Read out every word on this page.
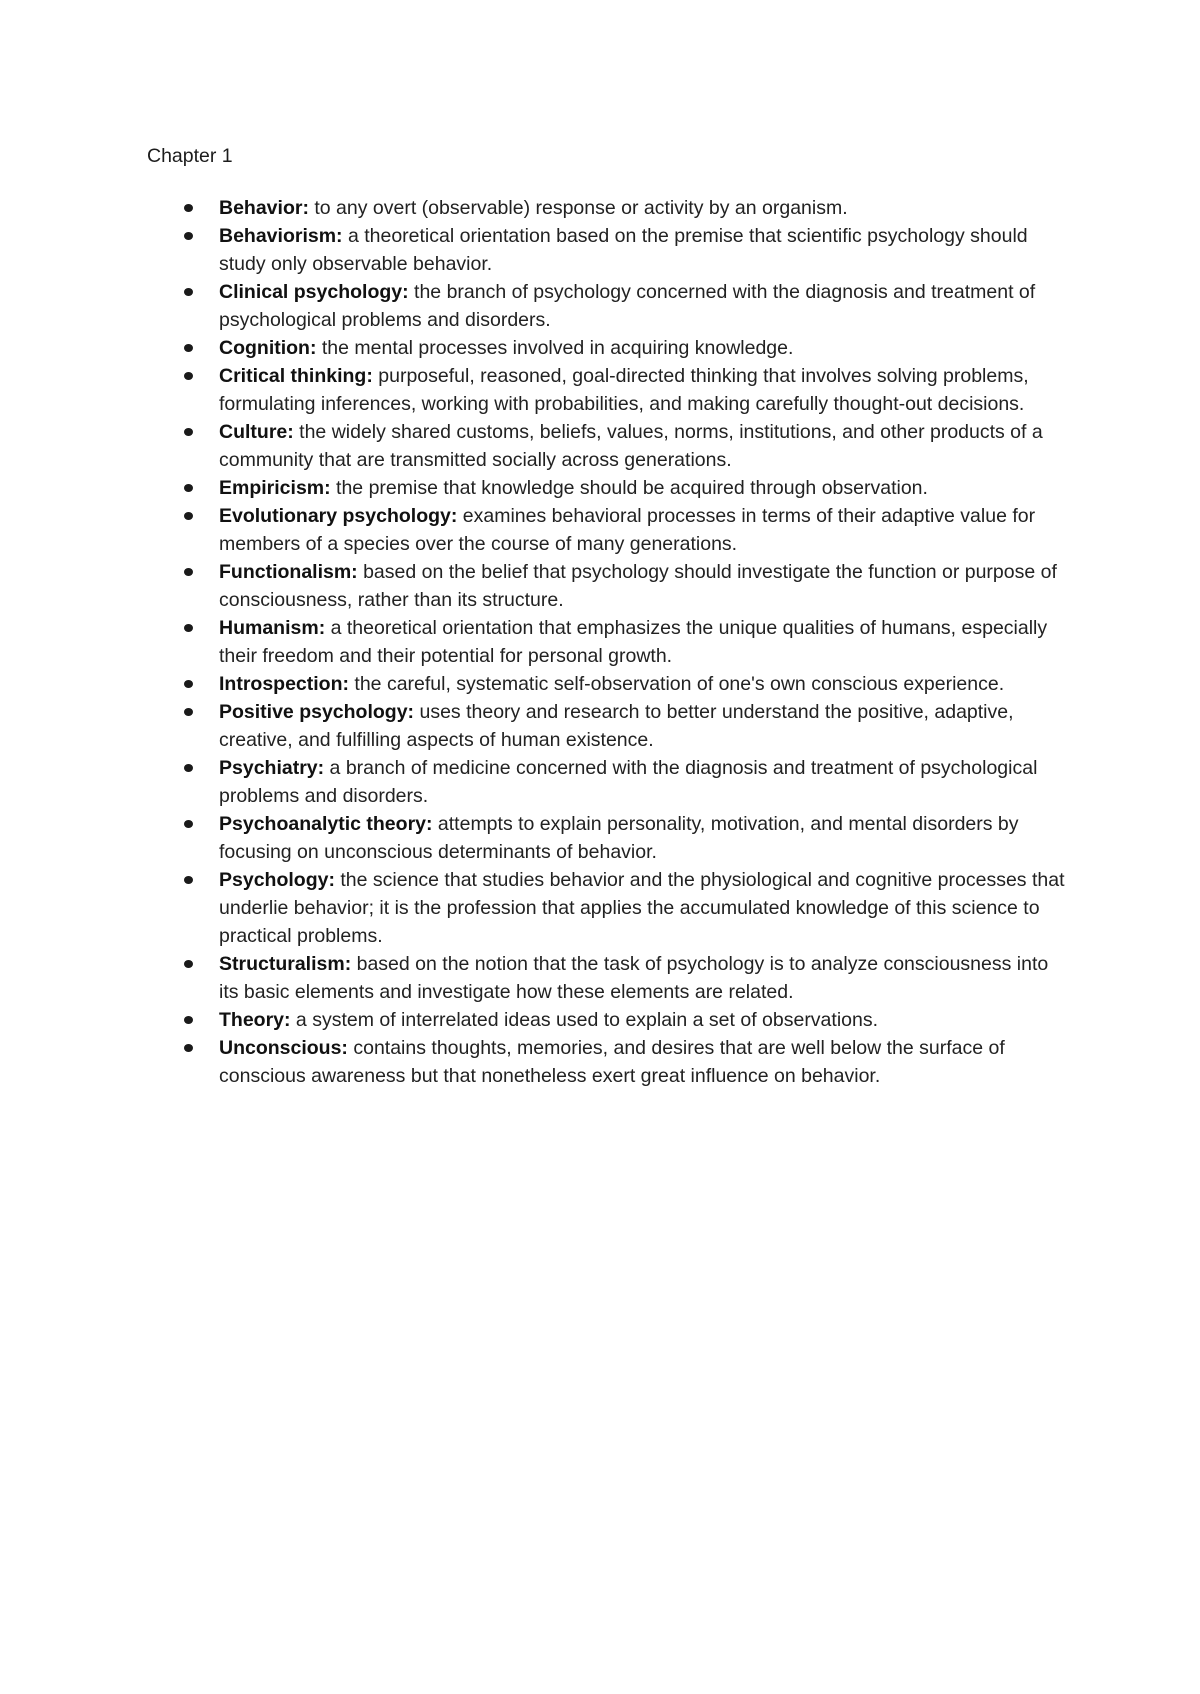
Chapter 1
Behavior: to any overt (observable) response or activity by an organism.
Behaviorism: a theoretical orientation based on the premise that scientific psychology should study only observable behavior.
Clinical psychology: the branch of psychology concerned with the diagnosis and treatment of psychological problems and disorders.
Cognition: the mental processes involved in acquiring knowledge.
Critical thinking: purposeful, reasoned, goal-directed thinking that involves solving problems, formulating inferences, working with probabilities, and making carefully thought-out decisions.
Culture: the widely shared customs, beliefs, values, norms, institutions, and other products of a community that are transmitted socially across generations.
Empiricism: the premise that knowledge should be acquired through observation.
Evolutionary psychology: examines behavioral processes in terms of their adaptive value for members of a species over the course of many generations.
Functionalism: based on the belief that psychology should investigate the function or purpose of consciousness, rather than its structure.
Humanism: a theoretical orientation that emphasizes the unique qualities of humans, especially their freedom and their potential for personal growth.
Introspection: the careful, systematic self-observation of one's own conscious experience.
Positive psychology: uses theory and research to better understand the positive, adaptive, creative, and fulfilling aspects of human existence.
Psychiatry: a branch of medicine concerned with the diagnosis and treatment of psychological problems and disorders.
Psychoanalytic theory: attempts to explain personality, motivation, and mental disorders by focusing on unconscious determinants of behavior.
Psychology: the science that studies behavior and the physiological and cognitive processes that underlie behavior; it is the profession that applies the accumulated knowledge of this science to practical problems.
Structuralism: based on the notion that the task of psychology is to analyze consciousness into its basic elements and investigate how these elements are related.
Theory: a system of interrelated ideas used to explain a set of observations.
Unconscious: contains thoughts, memories, and desires that are well below the surface of conscious awareness but that nonetheless exert great influence on behavior.
